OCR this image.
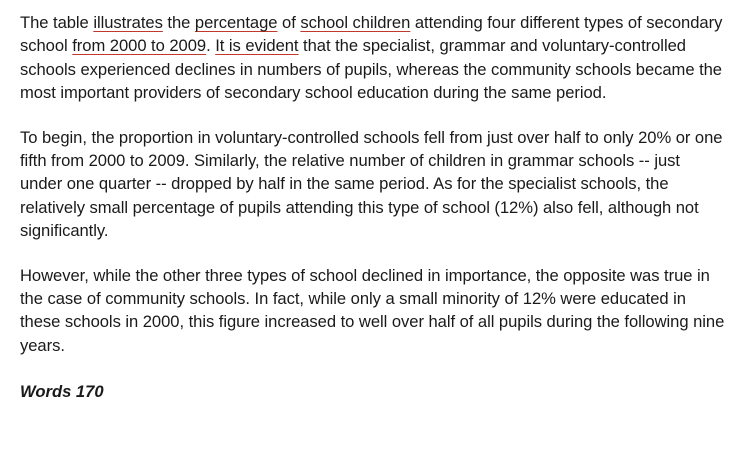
The table illustrates the percentage of school children attending four different types of secondary school from 2000 to 2009. It is evident that the specialist, grammar and voluntary-controlled schools experienced declines in numbers of pupils, whereas the community schools became the most important providers of secondary school education during the same period.

To begin, the proportion in voluntary-controlled schools fell from just over half to only 20% or one fifth from 2000 to 2009. Similarly, the relative number of children in grammar schools -- just under one quarter -- dropped by half in the same period. As for the specialist schools, the relatively small percentage of pupils attending this type of school (12%) also fell, although not significantly.

However, while the other three types of school declined in importance, the opposite was true in the case of community schools. In fact, while only a small minority of 12% were educated in these schools in 2000, this figure increased to well over half of all pupils during the following nine years.

Words 170
